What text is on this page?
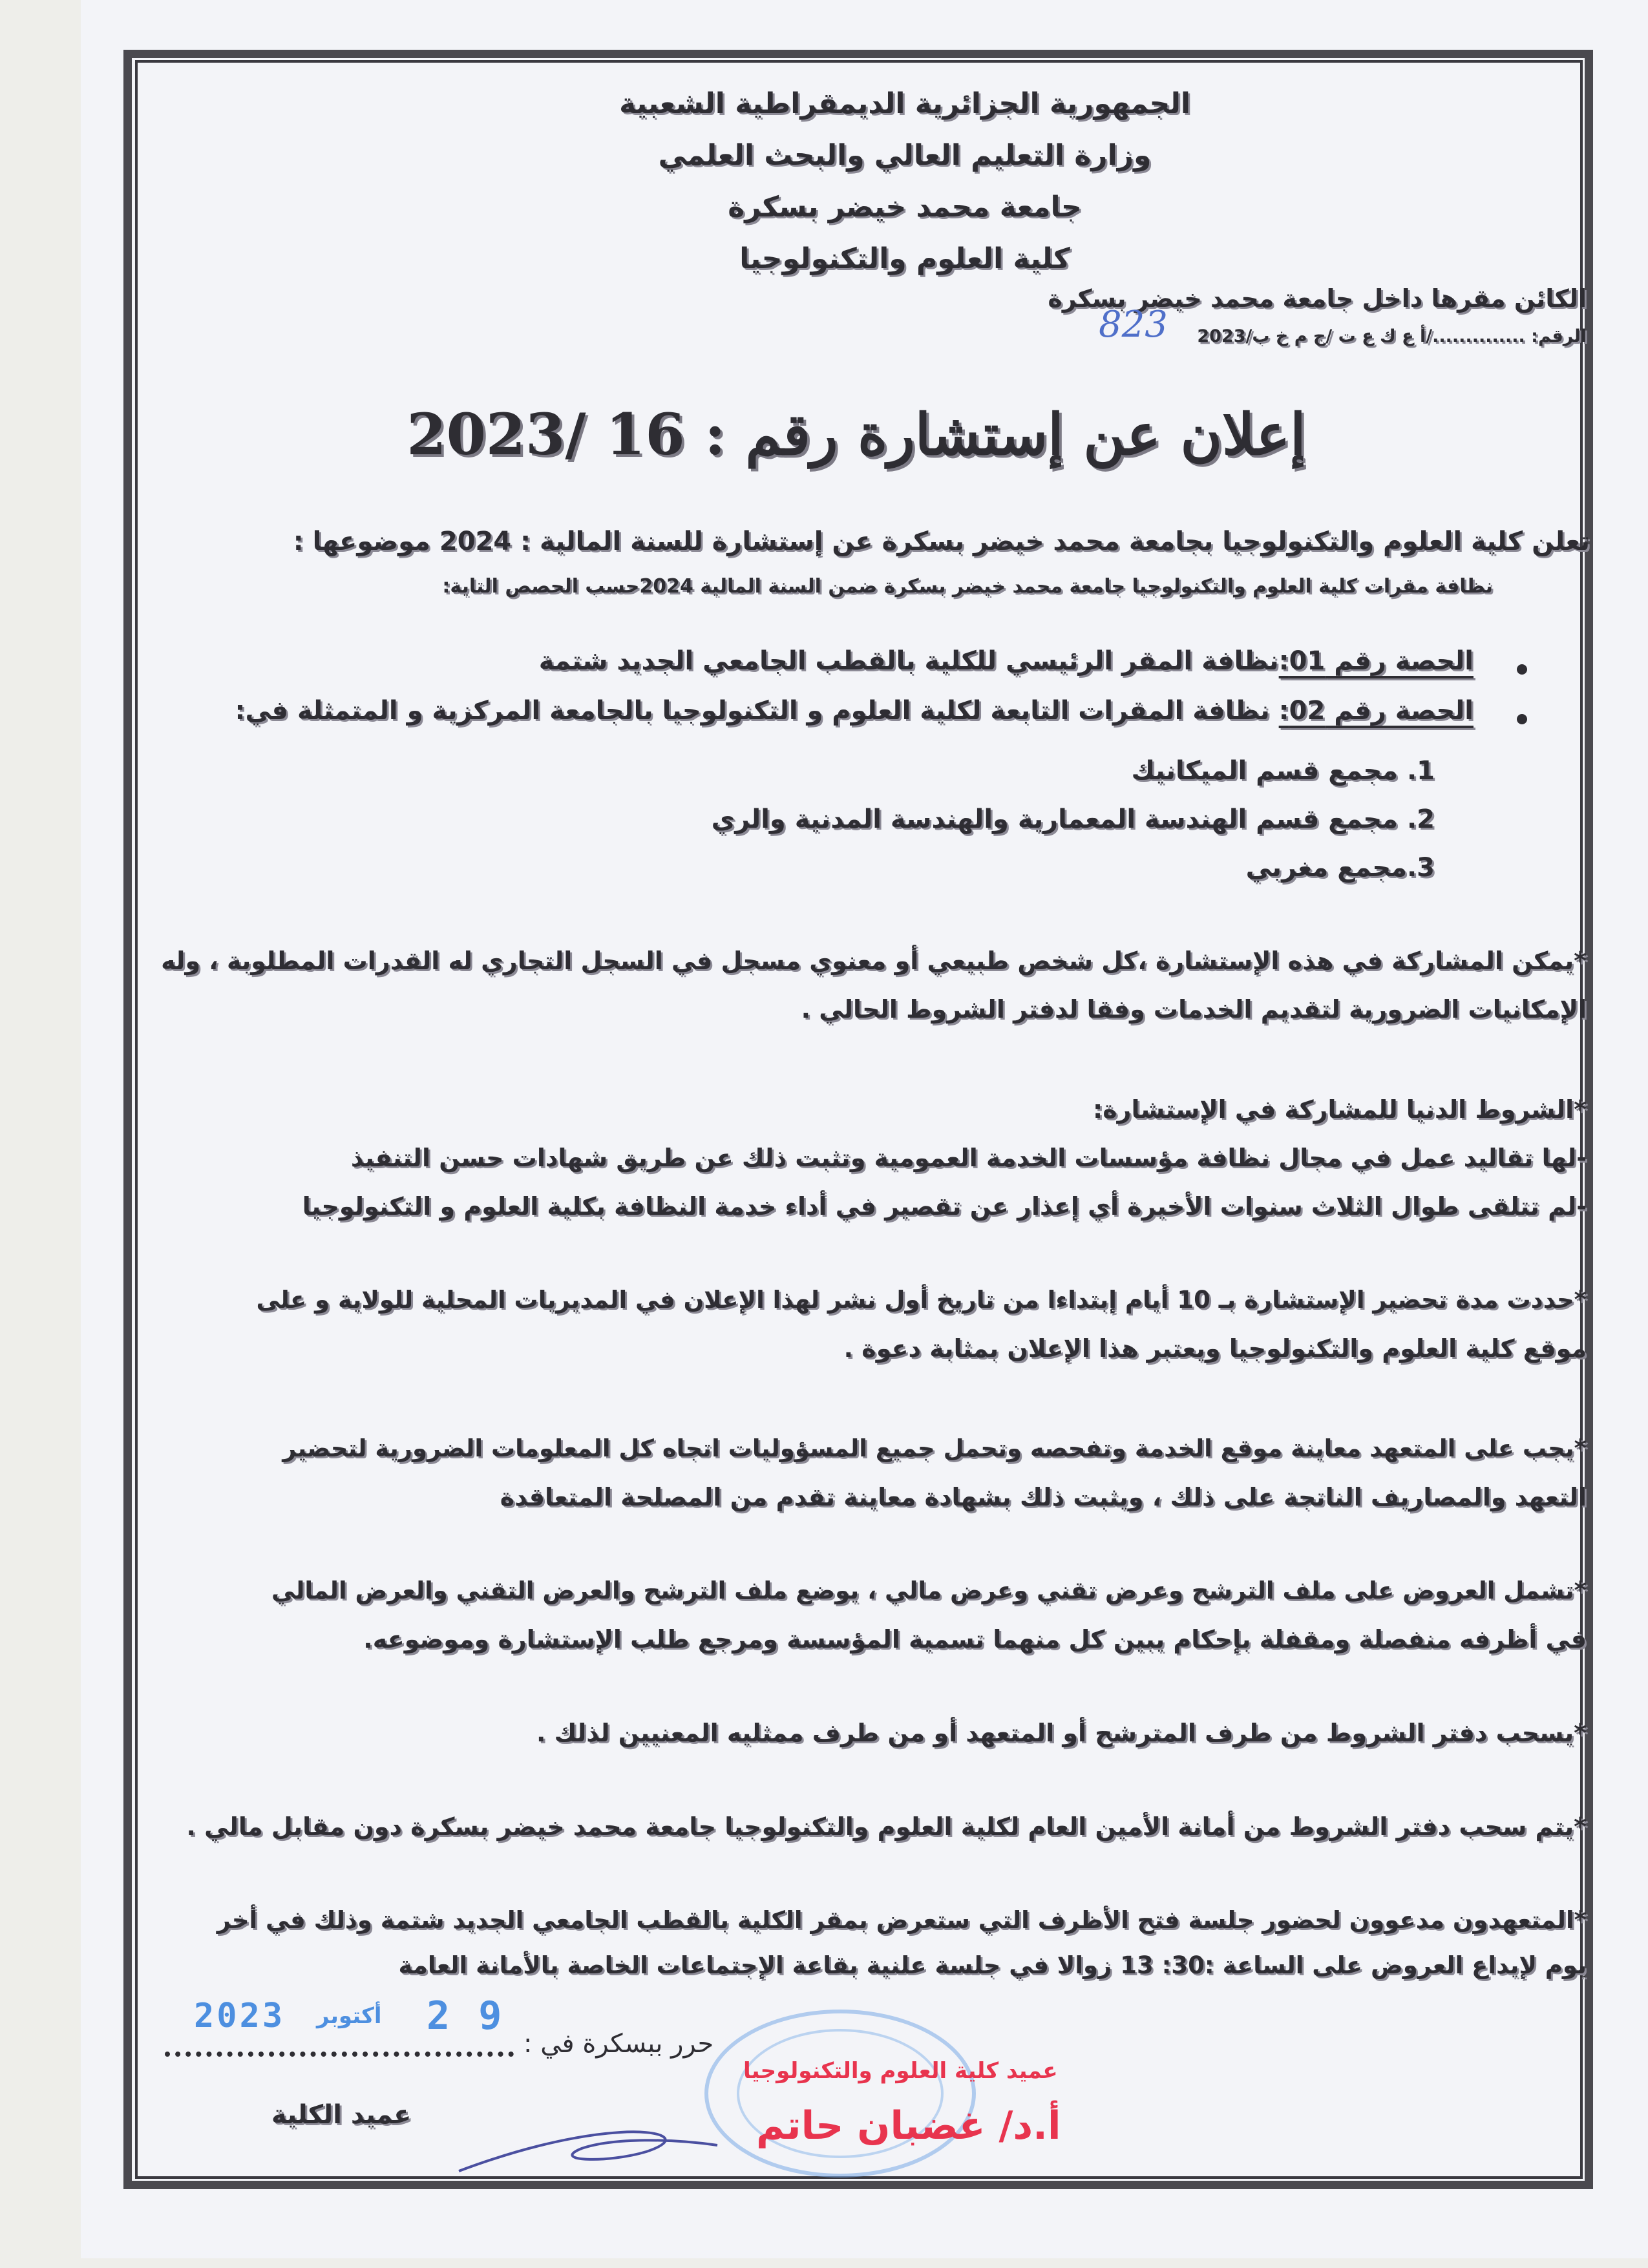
الجمهورية الجزائرية الديمقراطية الشعبية
وزارة التعليم العالي والبحث العلمي
جامعة محمد خيضر بسكرة
كلية العلوم والتكنولوجيا
الكائن مقرها داخل جامعة محمد خيضر بسكرة
الرقم: ............../أ ع ك ع ت /ج م خ ب/2023
823
إعلان عن إستشارة رقم : 16 /2023
تعلن كلية العلوم والتكنولوجيا بجامعة محمد خيضر بسكرة عن إستشارة للسنة المالية : 2024 موضوعها :
نظافة مقرات كلية العلوم والتكنولوجيا جامعة محمد خيضر بسكرة ضمن السنة المالية 2024حسب الحصص التاية:
الحصة رقم 01:نظافة المقر الرئيسي للكلية بالقطب الجامعي الجديد شتمة
الحصة رقم 02: نظافة المقرات التابعة لكلية العلوم و التكنولوجيا بالجامعة المركزية و المتمثلة في:
1. مجمع قسم الميكانيك
2. مجمع قسم الهندسة المعمارية والهندسة المدنية والري
3.مجمع مغربي
*يمكن المشاركة في هذه الإستشارة ،كل شخص طبيعي أو معنوي مسجل في السجل التجاري له القدرات المطلوبة ، وله
الإمكانيات الضرورية لتقديم الخدمات وفقا لدفتر الشروط الحالي .
*الشروط الدنيا للمشاركة في الإستشارة:
-لها تقاليد عمل في مجال نظافة مؤسسات الخدمة العمومية وتثبت ذلك عن طريق شهادات حسن التنفيذ
-لم تتلقى طوال الثلاث سنوات الأخيرة أي إعذار عن تقصير في أداء خدمة النظافة بكلية العلوم و التكنولوجيا
*حددت مدة تحضير الإستشارة بـ 10 أيام إبتداءا من تاريخ أول نشر لهذا الإعلان في المديريات المحلية للولاية و على
موقع كلية العلوم والتكنولوجيا ويعتبر هذا الإعلان بمثابة دعوة .
*يجب على المتعهد معاينة موقع الخدمة وتفحصه وتحمل جميع المسؤوليات اتجاه كل المعلومات الضرورية لتحضير
التعهد والمصاريف الناتجة على ذلك ، ويثبت ذلك بشهادة معاينة تقدم من المصلحة المتعاقدة
*تشمل العروض على ملف الترشح وعرض تقني وعرض مالي ، يوضع ملف الترشح والعرض التقني والعرض المالي
في أظرفه منفصلة ومقفلة بإحكام يبين كل منهما تسمية المؤسسة ومرجع طلب الإستشارة وموضوعه.
*يسحب دفتر الشروط من طرف المترشح أو المتعهد أو من طرف ممثليه المعنيين لذلك .
*يتم سحب دفتر الشروط من أمانة الأمين العام لكلية العلوم والتكنولوجيا جامعة محمد خيضر بسكرة دون مقابل مالي .
*المتعهدون مدعوون لحضور جلسة فتح الأظرف التي ستعرض بمقر الكلية بالقطب الجامعي الجديد شتمة وذلك في أخر
يوم لإيداع العروض على الساعة :30: 13 زوالا في جلسة علنية بقاعة الإجتماعات الخاصة بالأمانة العامة
2023 أكتوبر 2 9
حرر ببسكرة في :
عميد الكلية
عميد كلية العلوم والتكنولوجيا
أ.د/ غضبان حاتم
